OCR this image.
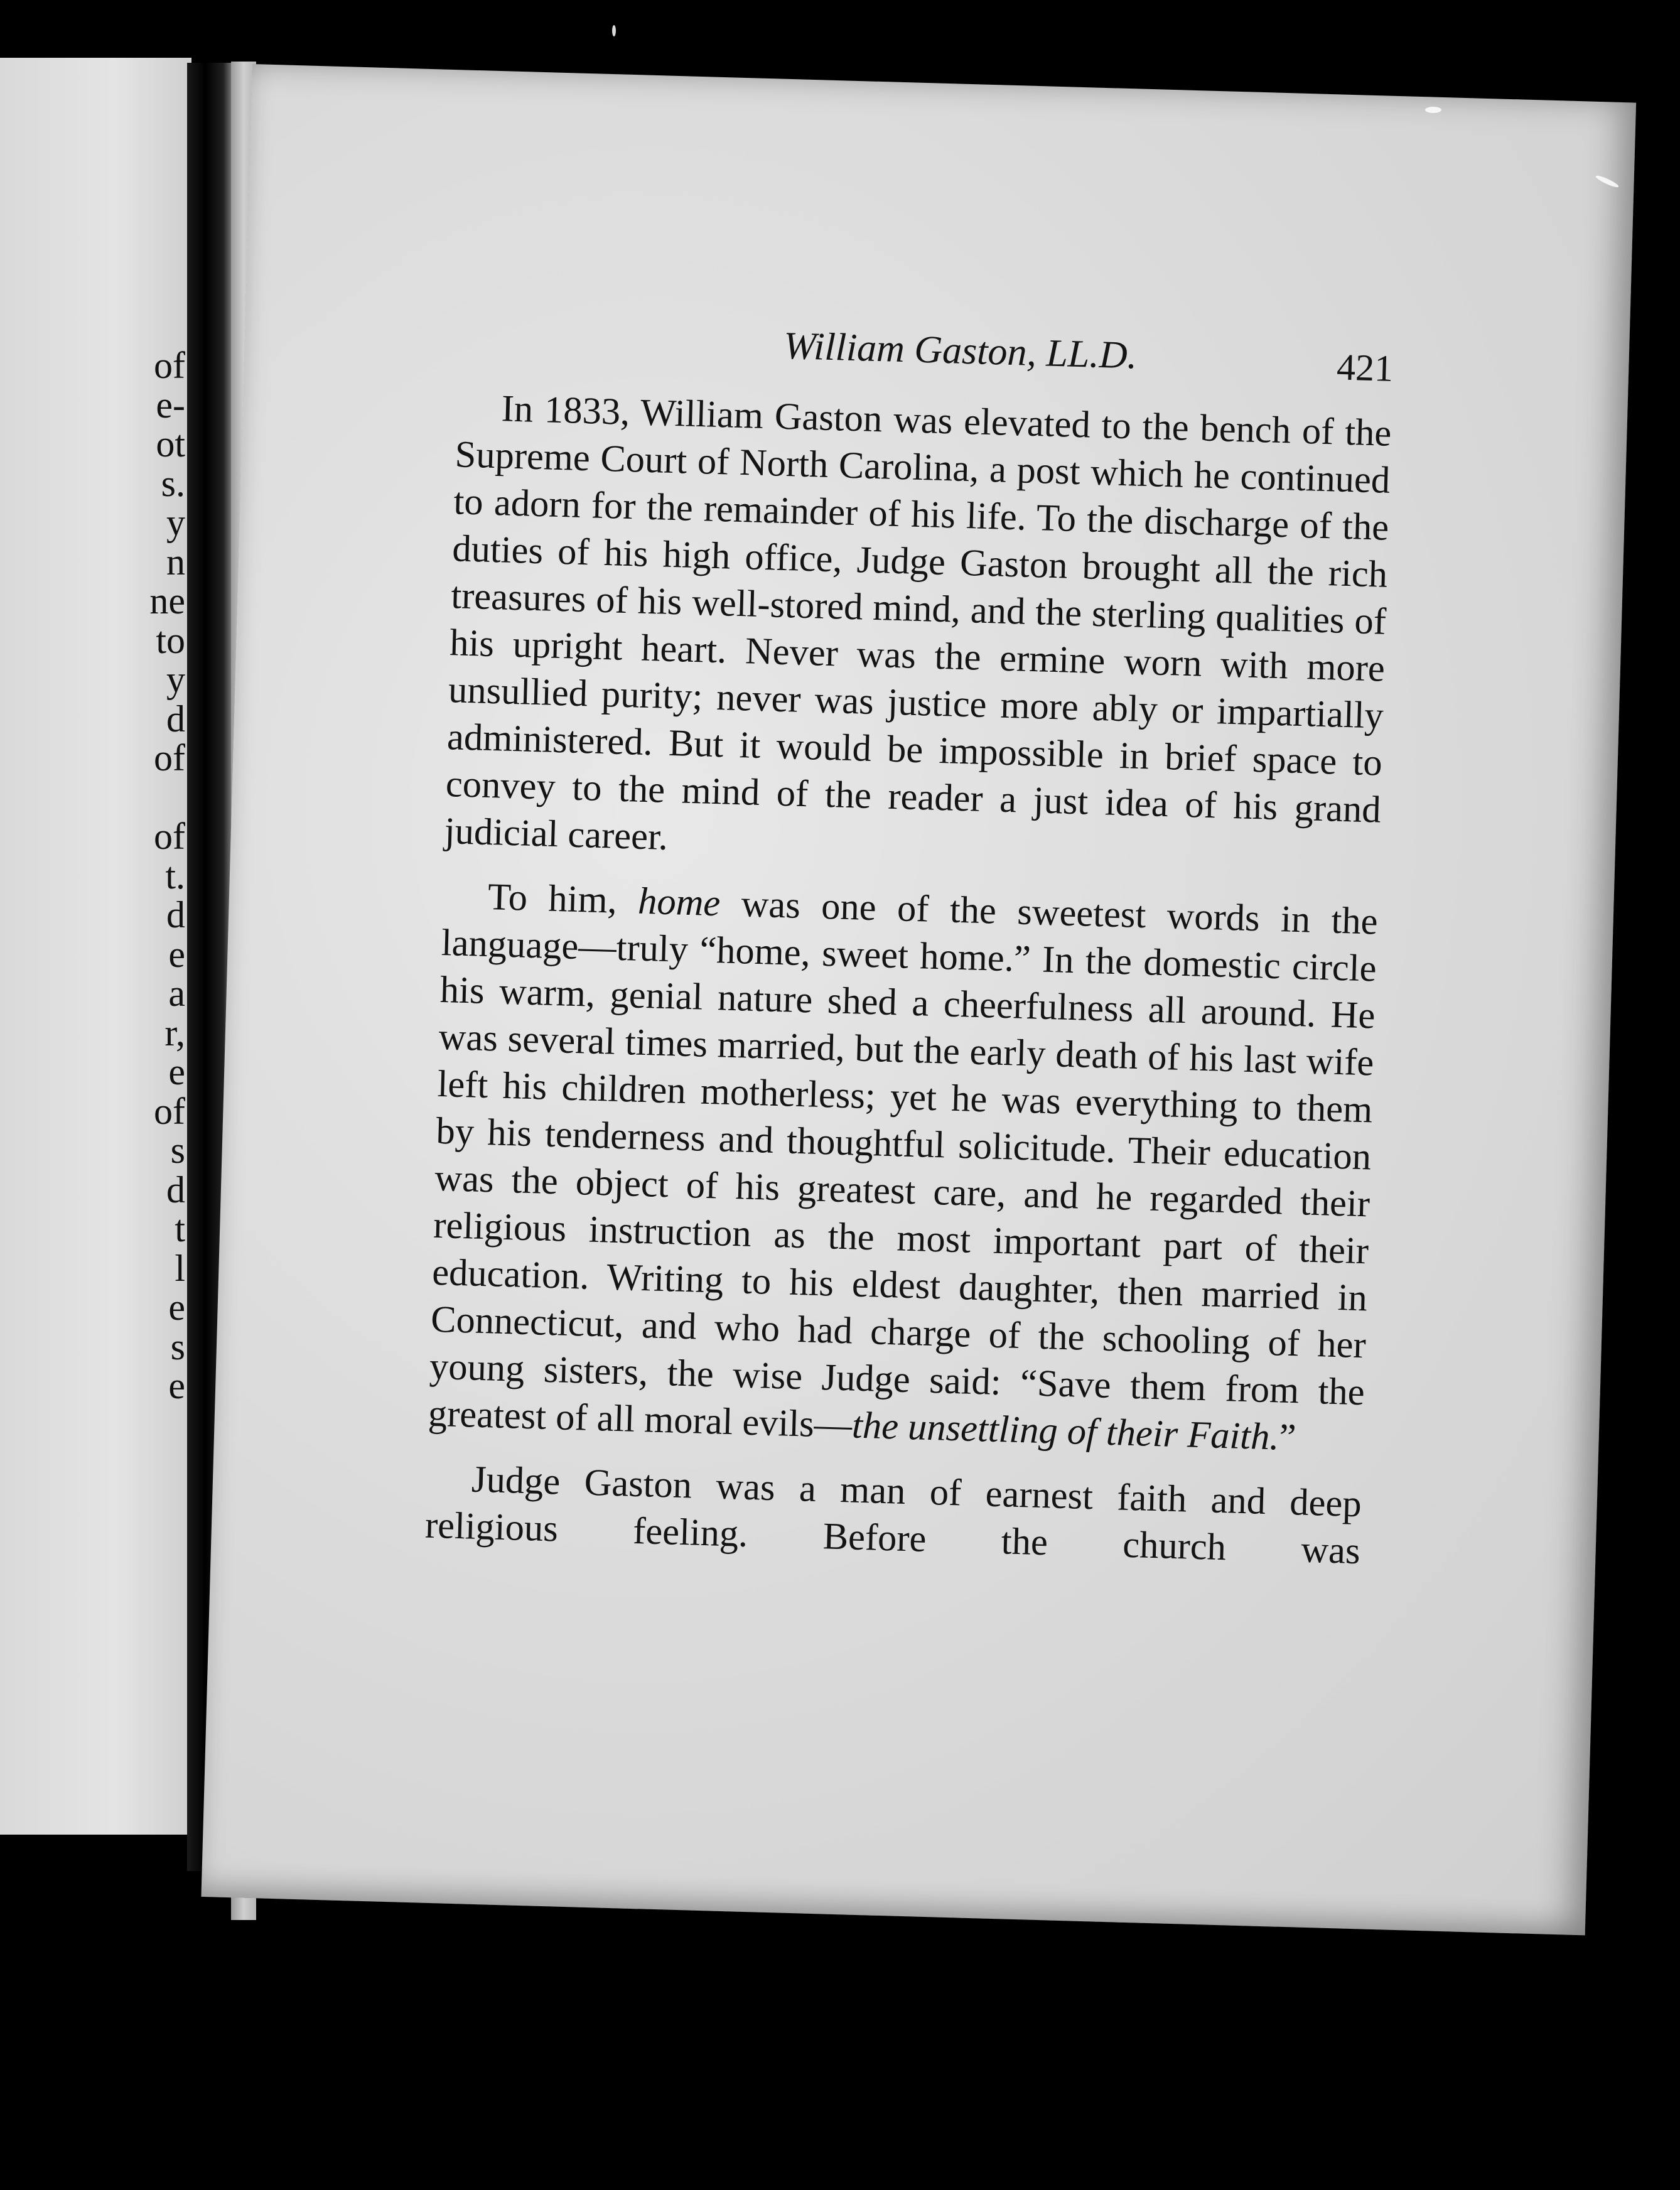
of
e-
ot
s.
y
n
ne
to
y
d
of
of
t.
d
e
a
r,
e
of
s
d
t
l
e
s
e
William Gaston, LL.D.	421

In 1833, William Gaston was elevated to the bench of the Supreme Court of North Carolina, a post which he continued to adorn for the remainder of his life. To the discharge of the duties of his high office, Judge Gaston brought all the rich treasures of his well-stored mind, and the sterling qualities of his upright heart. Never was the ermine worn with more unsullied purity; never was justice more ably or impartially administered. But it would be impossible in brief space to convey to the mind of the reader a just idea of his grand judicial career.

To him, home was one of the sweetest words in the language—truly “home, sweet home.” In the domestic circle his warm, genial nature shed a cheerfulness all around. He was several times married, but the early death of his last wife left his children motherless; yet he was everything to them by his tenderness and thoughtful solicitude. Their education was the object of his greatest care, and he regarded their religious instruction as the most important part of their education. Writing to his eldest daughter, then married in Connecticut, and who had charge of the schooling of her young sisters, the wise Judge said: “Save them from the greatest of all moral evils—the unsettling of their Faith.”

Judge Gaston was a man of earnest faith and deep religious feeling. Before the church was
